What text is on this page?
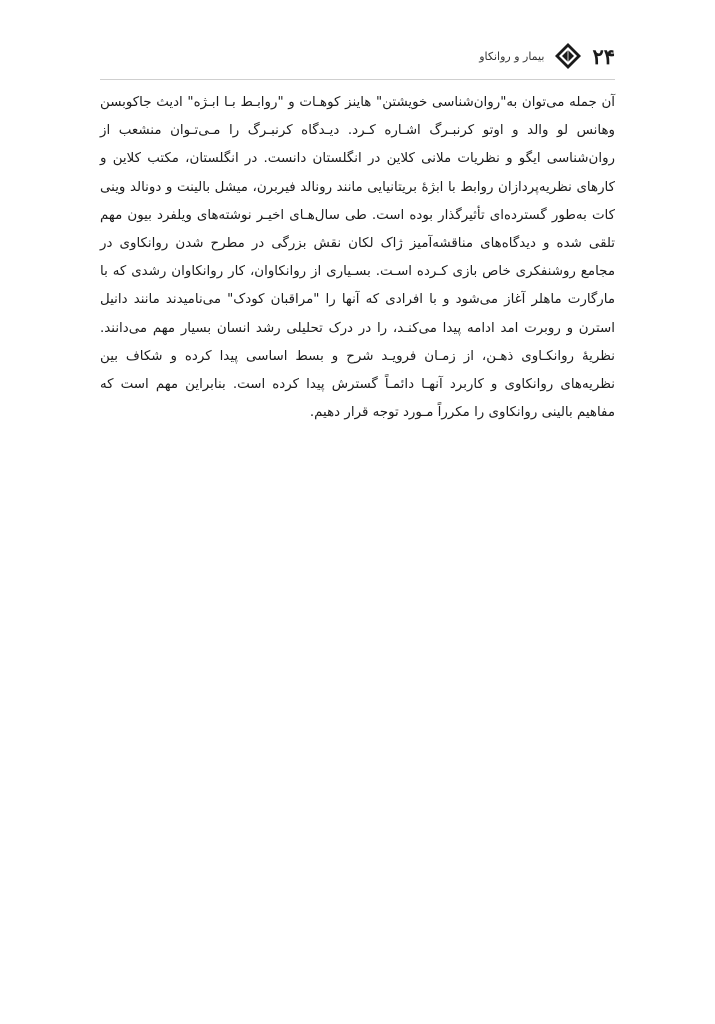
۲۴
بیمار و روانکاو

آن جمله می‌توان به"روان‌شناسی خویشتن" هاینز کوهـات و "روابـط بـا ابـژه" ادیث جاکوبسن وهانس لو والد و اوتو کرنبـرگ اشـاره کـرد. دیـدگاه کرنبـرگ را مـی‌تـوان منشعب از روان‌شناسی ایگو و نظریات ملانی کلاین در انگلستان دانست. در انگلستان، مکتب کلاین و کارهای نظریه‌پردازان روابط با ابژهٔ بریتانیایی مانند رونالد فیربرن، میشل بالینت و دونالد وینی کات به‌طور گسترده‌ای تأثیرگذار بوده است. طی سال‌هـای اخیـر نوشته‌های ویلفرد بیون مهم تلقی شده و دیدگاه‌های مناقشه‌آمیز ژاک لکان نقش بزرگی در مطرح شدن روانکاوی در مجامع روشنفکری خاص بازی کـرده اسـت. بسـیاری از روانکاوان، کار روانکاوان رشدی که با مارگارت ماهلر آغاز می‌شود و با افرادی که آنها را "مراقبان کودک" می‌نامیدند مانند دانیل استرن و روبرت امد ادامه پیدا می‌کنـد، را در درک تحلیلی رشد انسان بسیار مهم می‌دانند. نظریهٔ روانکـاوی ذهـن، از زمـان فرویـد شرح و بسط اساسی پیدا کرده و شکاف بین نظریه‌های روانکاوی و کاربرد آنهـا دائمـاً گسترش پیدا کرده است. بنابراین مهم است که مفاهیم بالینی روانکاوی را مکرراً مـورد توجه قرار دهیم.
